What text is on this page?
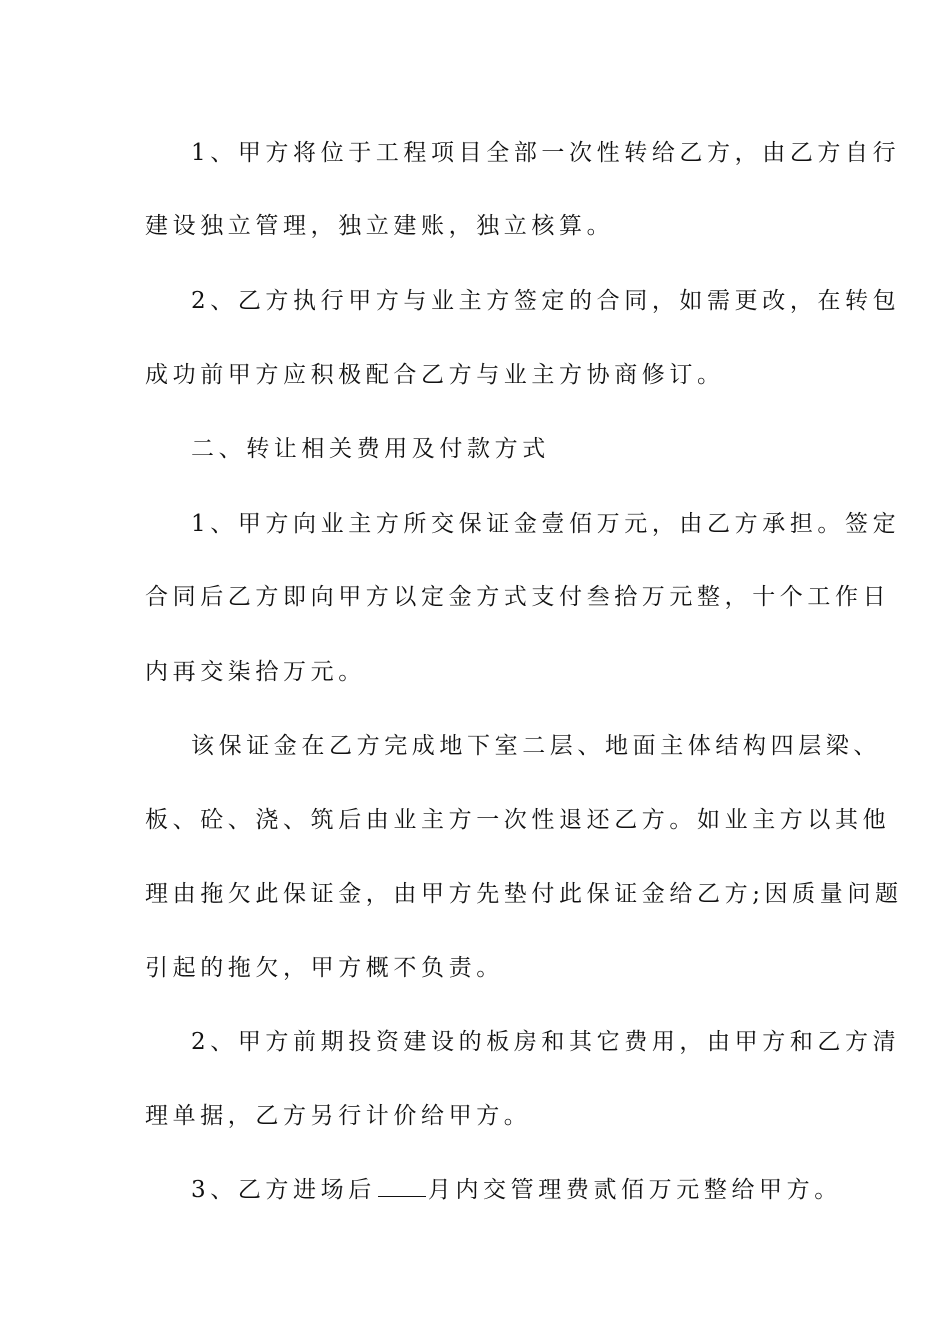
1、甲方将位于工程项目全部一次性转给乙方，由乙方自行
建设独立管理，独立建账，独立核算。
2、乙方执行甲方与业主方签定的合同，如需更改，在转包
成功前甲方应积极配合乙方与业主方协商修订。
二、转让相关费用及付款方式
1、甲方向业主方所交保证金壹佰万元，由乙方承担。签定
合同后乙方即向甲方以定金方式支付叁拾万元整，十个工作日
内再交柒拾万元。
该保证金在乙方完成地下室二层、地面主体结构四层梁、
板、砼、浇、筑后由业主方一次性退还乙方。如业主方以其他
理由拖欠此保证金，由甲方先垫付此保证金给乙方;因质量问题
引起的拖欠，甲方概不负责。
2、甲方前期投资建设的板房和其它费用，由甲方和乙方清
理单据，乙方另行计价给甲方。
3、乙方进场后 月内交管理费贰佰万元整给甲方。
